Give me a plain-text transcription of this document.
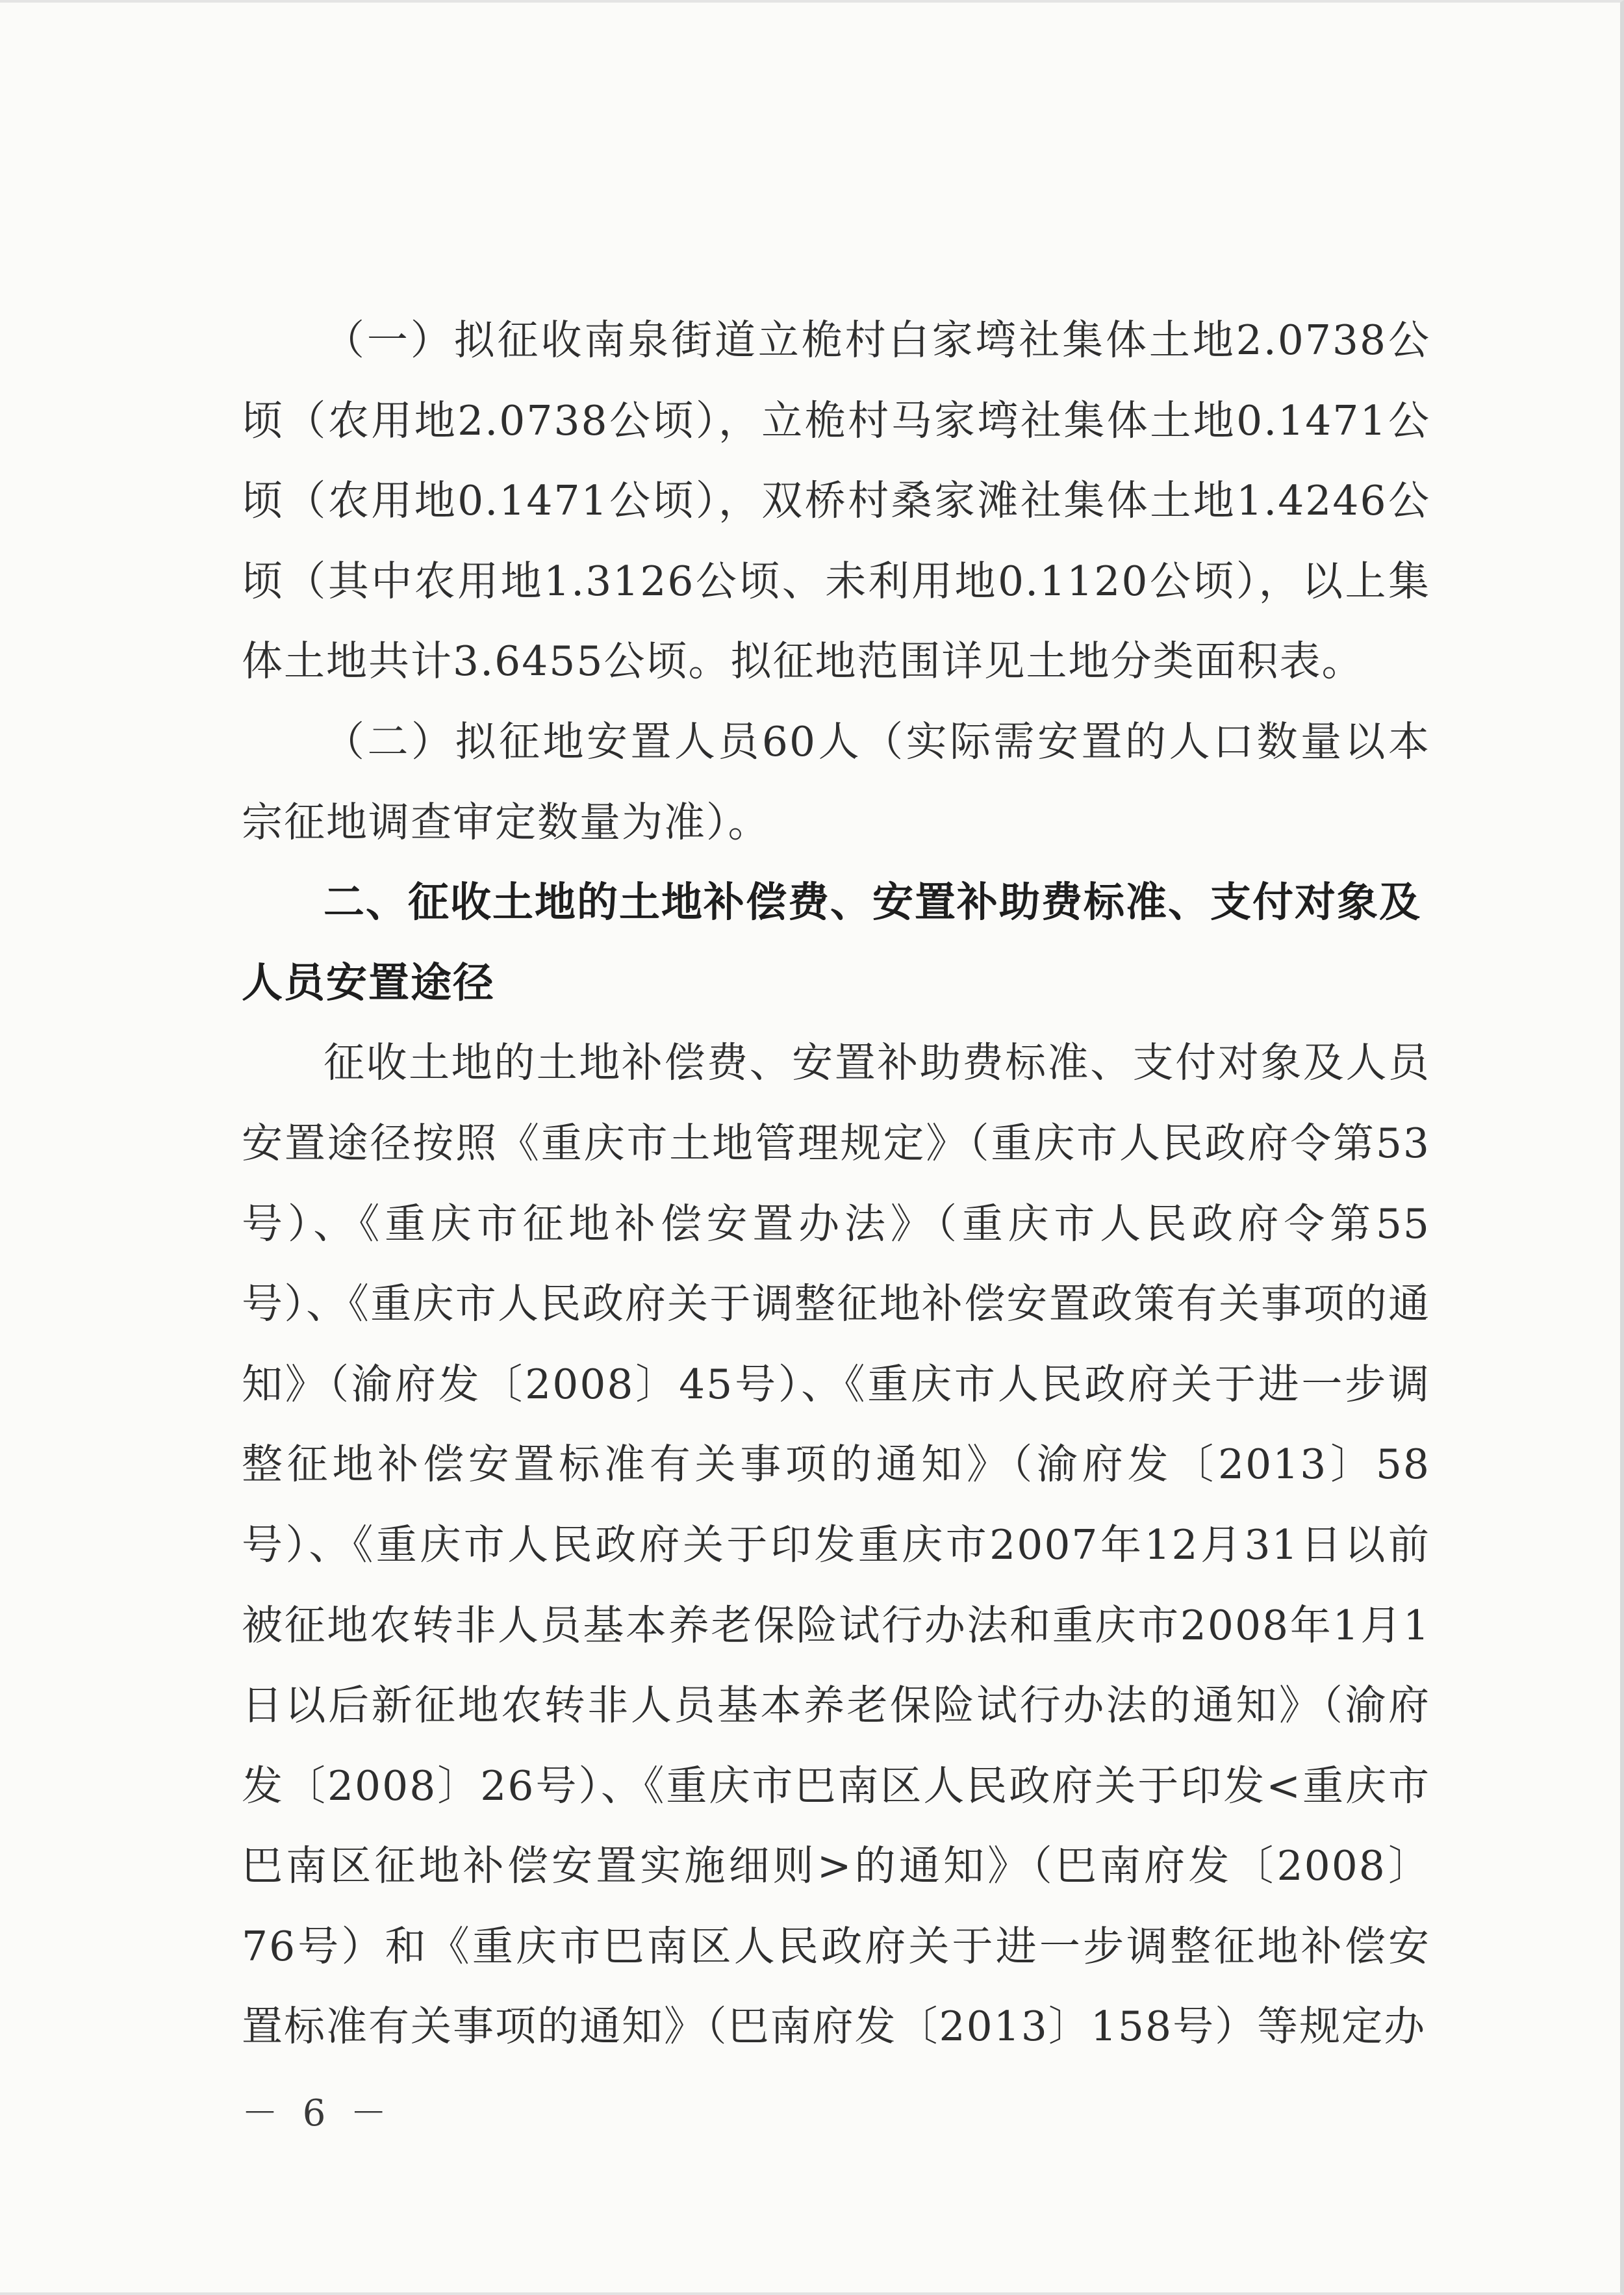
（一）拟征收南泉街道立桅村白家塆社集体土地2.0738公顷（农用地2.0738公顷），立桅村马家塆社集体土地0.1471公顷（农用地0.1471公顷），双桥村桑家滩社集体土地1.4246公顷（其中农用地1.3126公顷、未利用地0.1120公顷），以上集体土地共计3.6455公顷。拟征地范围详见土地分类面积表。

（二）拟征地安置人员60人（实际需安置的人口数量以本宗征地调查审定数量为准）。

二、征收土地的土地补偿费、安置补助费标准、支付对象及人员安置途径

征收土地的土地补偿费、安置补助费标准、支付对象及人员安置途径按照《重庆市土地管理规定》（重庆市人民政府令第53号）、《重庆市征地补偿安置办法》（重庆市人民政府令第55号）、《重庆市人民政府关于调整征地补偿安置政策有关事项的通知》（渝府发〔2008〕45号）、《重庆市人民政府关于进一步调整征地补偿安置标准有关事项的通知》（渝府发〔2013〕58号）、《重庆市人民政府关于印发重庆市2007年12月31日以前被征地农转非人员基本养老保险试行办法和重庆市2008年1月1日以后新征地农转非人员基本养老保险试行办法的通知》（渝府发〔2008〕26号）、《重庆市巴南区人民政府关于印发<重庆市巴南区征地补偿安置实施细则>的通知》（巴南府发〔2008〕76号）和《重庆市巴南区人民政府关于进一步调整征地补偿安置标准有关事项的通知》（巴南府发〔2013〕158号）等规定办

－ 6 －
